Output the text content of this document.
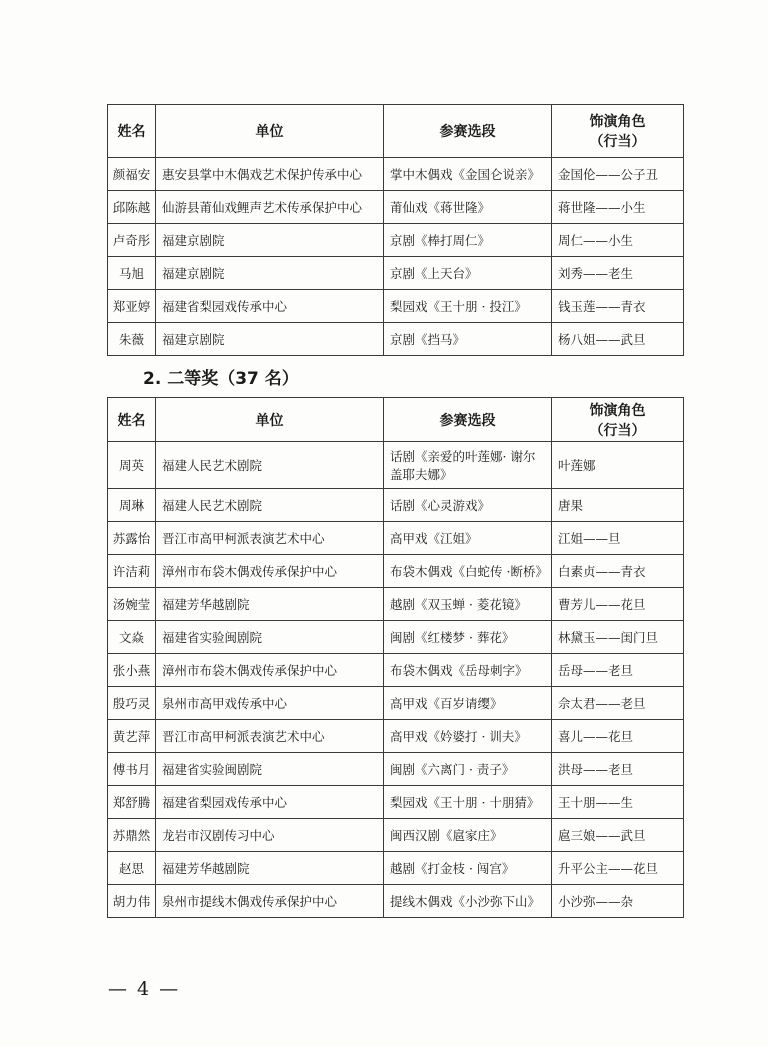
姓名	单位	参赛选段	饰演角色
（行当）
颜福安	惠安县掌中木偶戏艺术保护传承中心	掌中木偶戏《金国仑说亲》	金国伦——公子丑
邱陈越	仙游县莆仙戏鲤声艺术传承保护中心	莆仙戏《蒋世隆》	蒋世隆——小生
卢奇彤	福建京剧院	京剧《棒打周仁》	周仁——小生
马旭	福建京剧院	京剧《上天台》	刘秀——老生
郑亚婷	福建省梨园戏传承中心	梨园戏《王十朋 · 投江》	钱玉莲——青衣
朱薇	福建京剧院	京剧《挡马》	杨八姐——武旦
2. 二等奖（37 名）
姓名	单位	参赛选段	饰演角色
（行当）
周英	福建人民艺术剧院	话剧《亲爱的叶莲娜· 谢尔盖耶夫娜》	叶莲娜
周琳	福建人民艺术剧院	话剧《心灵游戏》	唐果
苏露怡	晋江市高甲柯派表演艺术中心	高甲戏《江姐》	江姐——旦
许洁莉	漳州市布袋木偶戏传承保护中心	布袋木偶戏《白蛇传 ·断桥》	白素贞——青衣
汤婉莹	福建芳华越剧院	越剧《双玉蝉 · 菱花镜》	曹芳儿——花旦
文焱	福建省实验闽剧院	闽剧《红楼梦 · 葬花》	林黛玉——闺门旦
张小燕	漳州市布袋木偶戏传承保护中心	布袋木偶戏《岳母刺字》	岳母——老旦
殷巧灵	泉州市高甲戏传承中心	高甲戏《百岁请缨》	佘太君——老旦
黄艺萍	晋江市高甲柯派表演艺术中心	高甲戏《妗婆打 · 训夫》	喜儿——花旦
傅书月	福建省实验闽剧院	闽剧《六离门 · 责子》	洪母——老旦
郑舒腾	福建省梨园戏传承中心	梨园戏《王十朋 · 十朋猜》	王十朋——生
苏鼎然	龙岩市汉剧传习中心	闽西汉剧《扈家庄》	扈三娘——武旦
赵思	福建芳华越剧院	越剧《打金枝 · 闯宫》	升平公主——花旦
胡力伟	泉州市提线木偶戏传承保护中心	提线木偶戏《小沙弥下山》	小沙弥——杂
— 4 —
